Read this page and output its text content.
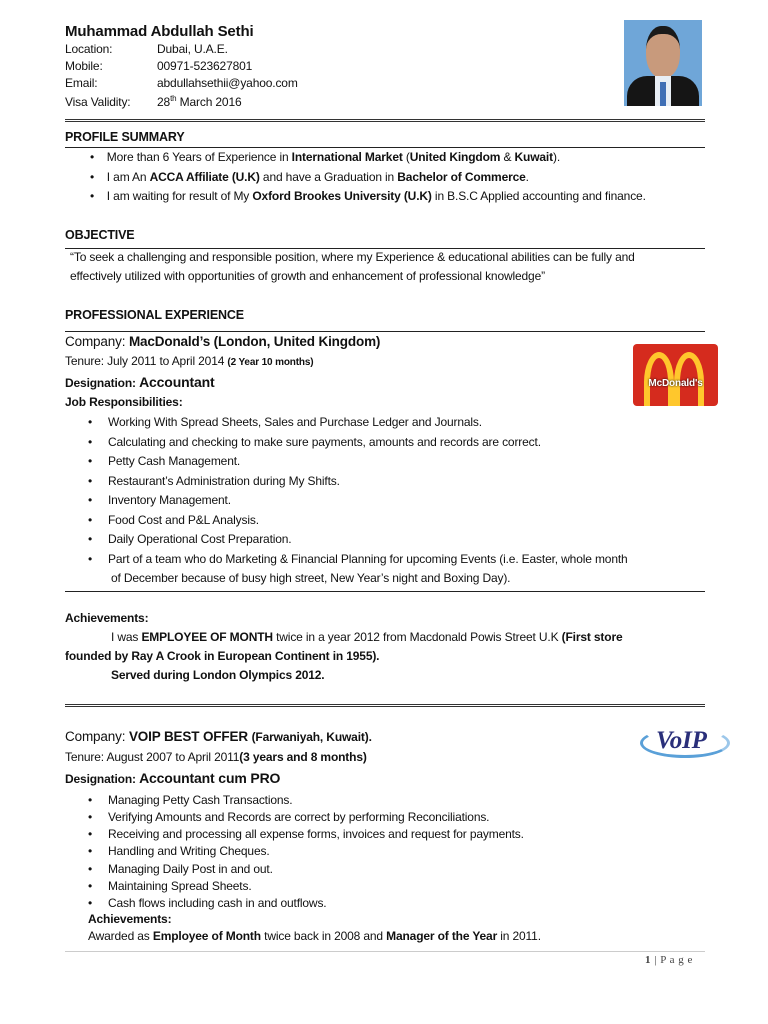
Muhammad Abdullah Sethi
Location:	Dubai, U.A.E.
Mobile:	00971-523627801
Email:	abdullahsethii@yahoo.com
Visa Validity: 28th March 2016
PROFILE SUMMARY
•    More than 6 Years of Experience in International Market (United Kingdom & Kuwait).
•    I am An ACCA Affiliate (U.K) and have a Graduation in Bachelor of Commerce.
•    I am waiting for result of My Oxford Brookes University (U.K) in B.S.C Applied accounting and finance.
OBJECTIVE
“To seek a challenging and responsible position, where my Experience & educational abilities can be fully and
effectively utilized with opportunities of growth and enhancement of professional knowledge”
PROFESSIONAL EXPERIENCE
Company: MacDonald’s (London, United Kingdom)
Tenure: July 2011 to April 2014 (2 Year 10 months)
Designation: Accountant
Job Responsibilities:
McDonald's
•     Working With Spread Sheets, Sales and Purchase Ledger and Journals.
•     Calculating and checking to make sure payments, amounts and records are correct.
•     Petty Cash Management.
•     Restaurant’s Administration during My Shifts.
•     Inventory Management.
•     Food Cost and P&L Analysis.
•     Daily Operational Cost Preparation.
•     Part of a team who do Marketing & Financial Planning for upcoming Events (i.e. Easter, whole month
of December because of busy high street, New Year’s night and Boxing Day).
Achievements:
I was EMPLOYEE OF MONTH twice in a year 2012 from Macdonald Powis Street U.K (First store
founded by Ray A Crook in European Continent in 1955).
Served during London Olympics 2012.
Company: VOIP BEST OFFER (Farwaniyah, Kuwait).
Tenure: August 2007 to April 2011(3 years and 8 months)
Designation: Accountant cum PRO
VoIP
•     Managing Petty Cash Transactions.
•     Verifying Amounts and Records are correct by performing Reconciliations.
•     Receiving and processing all expense forms, invoices and request for payments.
•     Handling and Writing Cheques.
•     Managing Daily Post in and out.
•     Maintaining Spread Sheets.
•     Cash flows including cash in and outflows.
Achievements:
Awarded as Employee of Month twice back in 2008 and Manager of the Year in 2011.
1 | P a g e
